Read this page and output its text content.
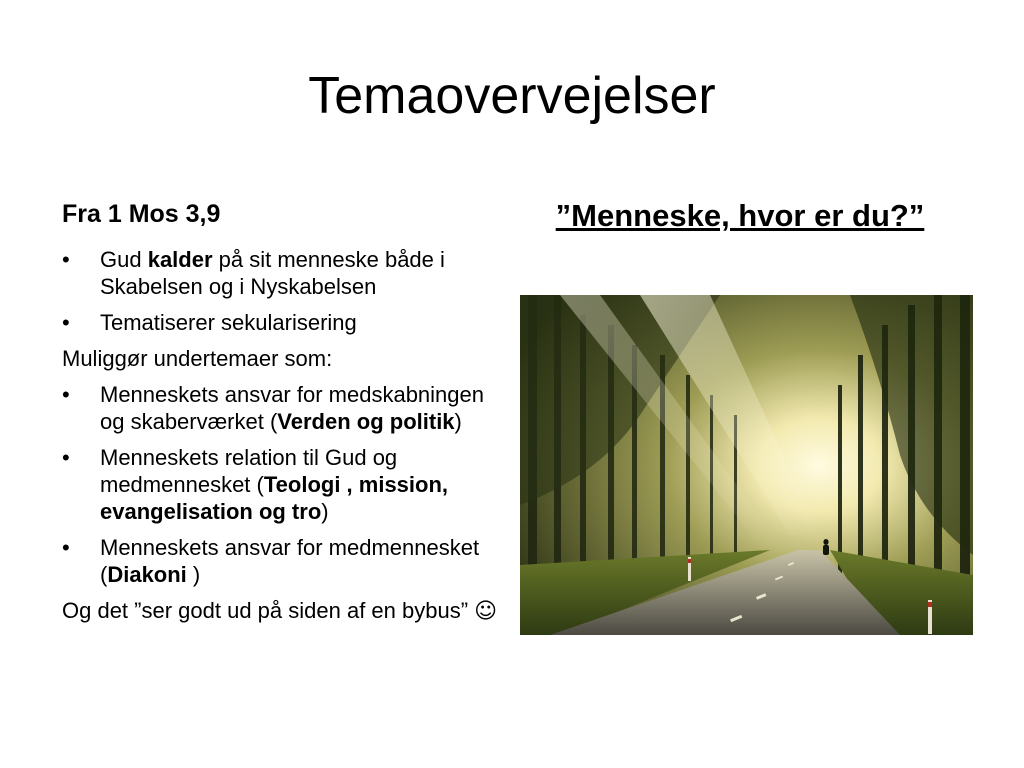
Temaovervejelser
Fra 1 Mos 3,9
• Gud kalder på sit menneske både i Skabelsen og i Nyskabelsen
• Tematiserer sekularisering
Muliggør undertemaer som:
• Menneskets ansvar for medskabningen og skaberværket (Verden og politik)
• Menneskets relation til Gud og medmennesket (Teologi , mission, evangelisation og tro)
• Menneskets ansvar for medmennesket (Diakoni )
Og det ”ser godt ud på siden af en bybus” ☺
”Menneske, hvor er du?”
